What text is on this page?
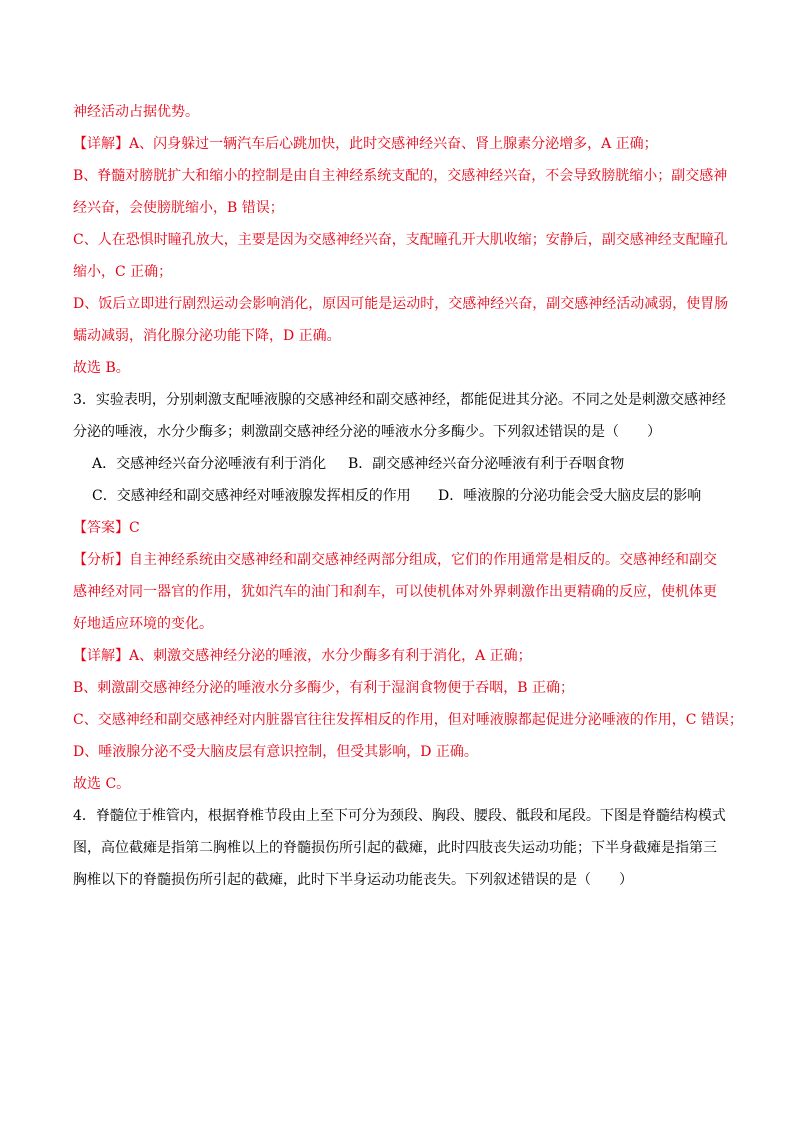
神经活动占据优势。
【详解】A、闪身躲过一辆汽车后心跳加快，此时交感神经兴奋、肾上腺素分泌增多，A 正确；
B、脊髓对膀胱扩大和缩小的控制是由自主神经系统支配的，交感神经兴奋，不会导致膀胱缩小；副交感神
经兴奋，会使膀胱缩小，B 错误；
C、人在恐惧时瞳孔放大，主要是因为交感神经兴奋，支配瞳孔开大肌收缩；安静后，副交感神经支配瞳孔
缩小，C 正确；
D、饭后立即进行剧烈运动会影响消化，原因可能是运动时，交感神经兴奋，副交感神经活动减弱，使胃肠
蠕动减弱，消化腺分泌功能下降，D 正确。
故选 B。
3．实验表明，分别刺激支配唾液腺的交感神经和副交感神经，都能促进其分泌。不同之处是刺激交感神经
分泌的唾液，水分少酶多；刺激副交感神经分泌的唾液水分多酶少。下列叙述错误的是（　　）
A．交感神经兴奋分泌唾液有利于消化 B．副交感神经兴奋分泌唾液有利于吞咽食物
C．交感神经和副交感神经对唾液腺发挥相反的作用 D．唾液腺的分泌功能会受大脑皮层的影响
【答案】C
【分析】自主神经系统由交感神经和副交感神经两部分组成，它们的作用通常是相反的。交感神经和副交
感神经对同一器官的作用，犹如汽车的油门和刹车，可以使机体对外界刺激作出更精确的反应，使机体更
好地适应环境的变化。
【详解】A、刺激交感神经分泌的唾液，水分少酶多有利于消化，A 正确；
B、刺激副交感神经分泌的唾液水分多酶少，有利于湿润食物便于吞咽，B 正确；
C、交感神经和副交感神经对内脏器官往往发挥相反的作用，但对唾液腺都起促进分泌唾液的作用，C 错误；
D、唾液腺分泌不受大脑皮层有意识控制，但受其影响，D 正确。
故选 C。
4．脊髓位于椎管内，根据脊椎节段由上至下可分为颈段、胸段、腰段、骶段和尾段。下图是脊髓结构模式
图，高位截瘫是指第二胸椎以上的脊髓损伤所引起的截瘫，此时四肢丧失运动功能；下半身截瘫是指第三
胸椎以下的脊髓损伤所引起的截瘫，此时下半身运动功能丧失。下列叙述错误的是（　　）
